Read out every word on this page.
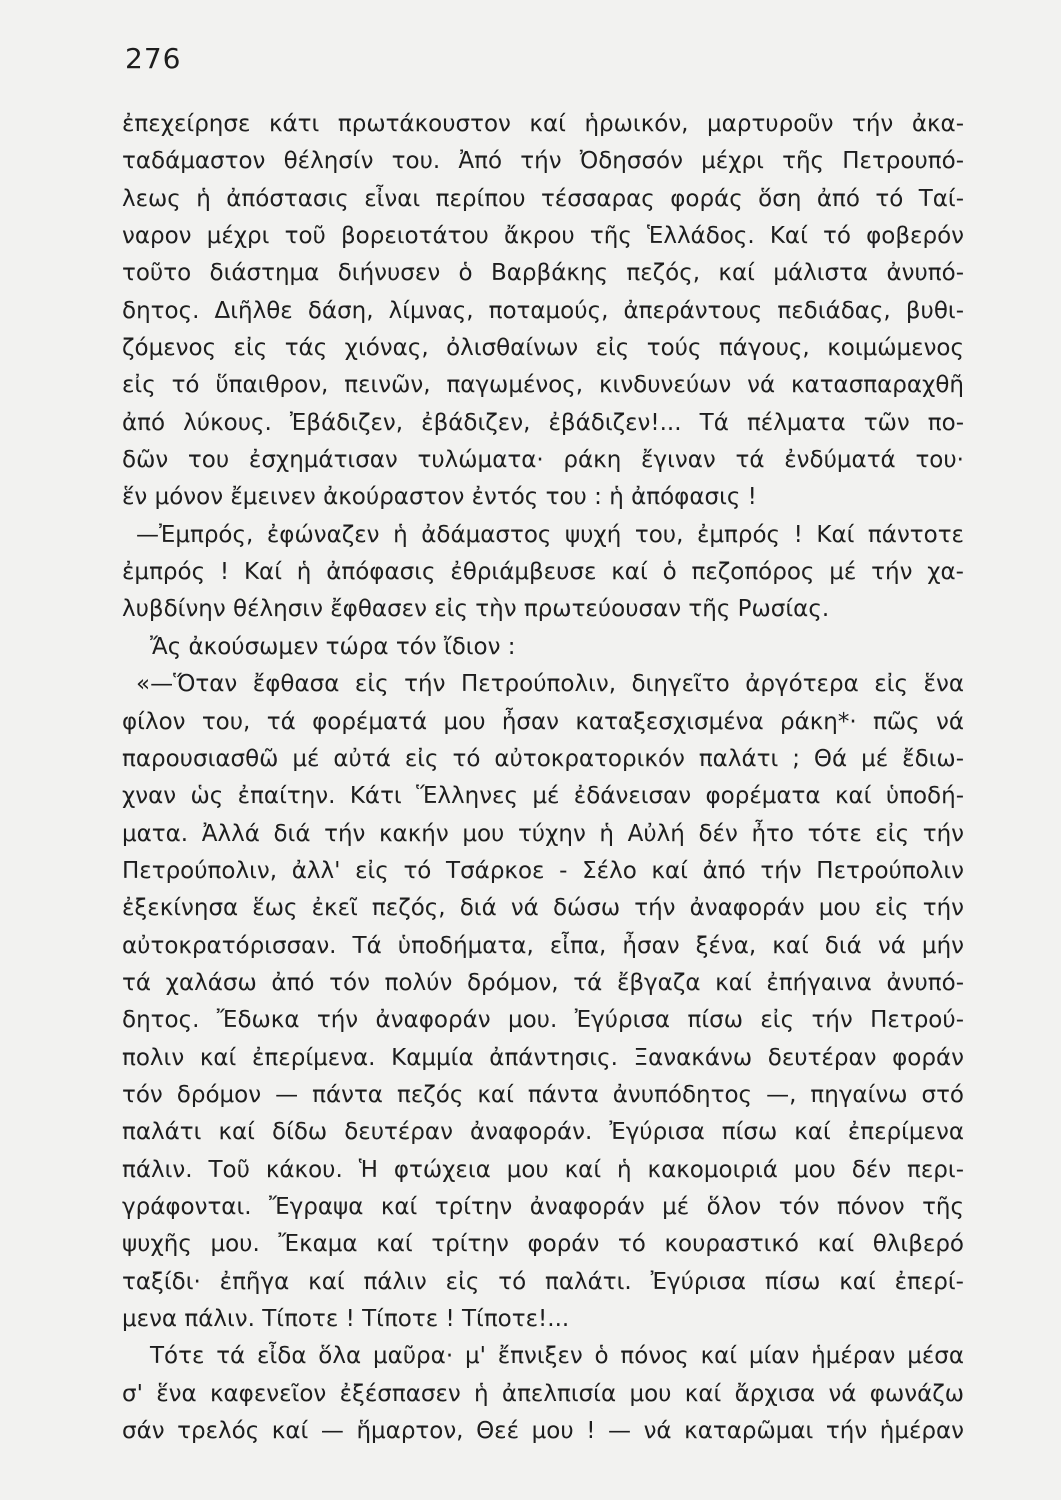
276
ἐπεχείρησε κάτι πρωτάκουστον καί ἡρωικόν, μαρτυροῦν τήν ἀκα-
ταδάμαστον θέλησίν του. Ἀπό τήν Ὀδησσόν μέχρι τῆς Πετρουπό-
λεως ἡ ἀπόστασις εἶναι περίπου τέσσαρας φοράς ὅση ἀπό τό Ταί-
ναρον μέχρι τοῦ βορειοτάτου ἄκρου τῆς Ἑλλάδος. Καί τό φοβερόν
τοῦτο διάστημα διήνυσεν ὁ Βαρβάκης πεζός, καί μάλιστα ἀνυπό-
δητος. Διῆλθε δάση, λίμνας, ποταμούς, ἀπεράντους πεδιάδας, βυθι-
ζόμενος εἰς τάς χιόνας, ὀλισθαίνων εἰς τούς πάγους, κοιμώμενος
εἰς τό ὕπαιθρον, πεινῶν, παγωμένος, κινδυνεύων νά κατασπαραχθῆ
ἀπό λύκους. Ἐβάδιζεν, ἐβάδιζεν, ἐβάδιζεν!... Τά πέλματα τῶν πο-
δῶν του ἐσχημάτισαν τυλώματα· ράκη ἔγιναν τά ἐνδύματά του·
ἕν μόνον ἔμεινεν ἀκούραστον ἐντός του : ἡ ἀπόφασις !
—Ἐμπρός, ἐφώναζεν ἡ ἀδάμαστος ψυχή του, ἐμπρός ! Καί πάντοτε
ἐμπρός ! Καί ἡ ἀπόφασις ἐθριάμβευσε καί ὁ πεζοπόρος μέ τήν χα-
λυβδίνην θέλησιν ἔφθασεν εἰς τὴν πρωτεύουσαν τῆς Ρωσίας.
Ἄς ἀκούσωμεν τώρα τόν ἴδιον :
«—Ὅταν ἔφθασα εἰς τήν Πετρούπολιν, διηγεῖτο ἀργότερα εἰς ἕνα
φίλον του, τά φορέματά μου ἦσαν καταξεσχισμένα ράκη*· πῶς νά
παρουσιασθῶ μέ αὐτά εἰς τό αὐτοκρατορικόν παλάτι ; Θά μέ ἔδιω-
χναν ὡς ἐπαίτην. Κάτι Ἕλληνες μέ ἐδάνεισαν φορέματα καί ὑποδή-
ματα. Ἀλλά διά τήν κακήν μου τύχην ἡ Αὐλή δέν ἦτο τότε εἰς τήν
Πετρούπολιν, ἀλλ' εἰς τό Τσάρκοε - Σέλο καί ἀπό τήν Πετρούπολιν
ἐξεκίνησα ἕως ἐκεῖ πεζός, διά νά δώσω τήν ἀναφοράν μου εἰς τήν
αὐτοκρατόρισσαν. Τά ὑποδήματα, εἶπα, ἦσαν ξένα, καί διά νά μήν
τά χαλάσω ἀπό τόν πολύν δρόμον, τά ἔβγαζα καί ἐπήγαινα ἀνυπό-
δητος. Ἔδωκα τήν ἀναφοράν μου. Ἐγύρισα πίσω εἰς τήν Πετρού-
πολιν καί ἐπερίμενα. Καμμία ἀπάντησις. Ξανακάνω δευτέραν φοράν
τόν δρόμον — πάντα πεζός καί πάντα ἀνυπόδητος —, πηγαίνω στό
παλάτι καί δίδω δευτέραν ἀναφοράν. Ἐγύρισα πίσω καί ἐπερίμενα
πάλιν. Τοῦ κάκου. Ἡ φτώχεια μου καί ἡ κακομοιριά μου δέν περι-
γράφονται. Ἔγραψα καί τρίτην ἀναφοράν μέ ὅλον τόν πόνον τῆς
ψυχῆς μου. Ἔκαμα καί τρίτην φοράν τό κουραστικό καί θλιβερό
ταξίδι· ἐπῆγα καί πάλιν εἰς τό παλάτι. Ἐγύρισα πίσω καί ἐπερί-
μενα πάλιν. Τίποτε ! Τίποτε ! Τίποτε!...
Τότε τά εἶδα ὅλα μαῦρα· μ' ἔπνιξεν ὁ πόνος καί μίαν ἡμέραν μέσα
σ' ἕνα καφενεῖον ἐξέσπασεν ἡ ἀπελπισία μου καί ἄρχισα νά φωνάζω
σάν τρελός καί — ἥμαρτον, Θεέ μου ! — νά καταρῶμαι τήν ἡμέραν
